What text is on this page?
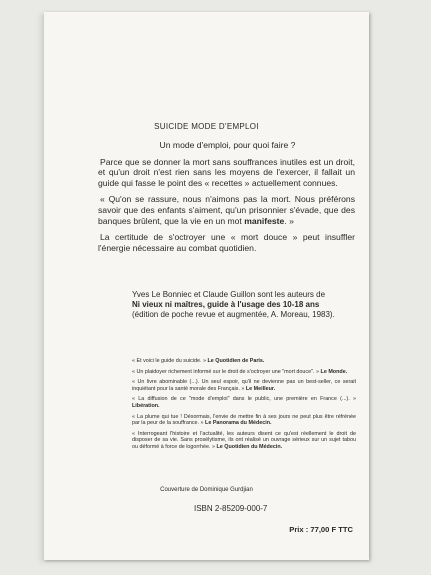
SUICIDE MODE D'EMPLOI

Un mode d'emploi, pour quoi faire ?

Parce que se donner la mort sans souffrances inutiles est un droit, et qu'un droit n'est rien sans les moyens de l'exercer, il fallait un guide qui fasse le point des « recettes » actuellement connues.

« Qu'on se rassure, nous n'aimons pas la mort. Nous préférons savoir que des enfants s'aiment, qu'un prisonnier s'évade, que des banques brûlent, que la vie en un mot manifeste. »

La certitude de s'octroyer une « mort douce » peut insuffler l'énergie nécessaire au combat quotidien.

Yves Le Bonniec et Claude Guillon sont les auteurs de
Ni vieux ni maîtres, guide à l'usage des 10-18 ans
(édition de poche revue et augmentée, A. Moreau, 1983).

« Et voici le guide du suicide. » Le Quotidien de Paris.

« Un plaidoyer richement informé sur le droit de s'octroyer une "mort douce". » Le Monde.

« Un livre abominable (...). Un seul espoir, qu'il ne devienne pas un best-seller, ce serait inquiétant pour la santé morale des Français. » Le Meilleur.

« La diffusion de ce "mode d'emploi" dans le public, une première en France (...). » Libération.

« La plume qui tue ! Désormais, l'envie de mettre fin à ses jours ne peut plus être réfrénée par la peur de la souffrance. » Le Panorama du Médecin.

« Interrogeant l'histoire et l'actualité, les auteurs disent ce qu'est réellement le droit de disposer de sa vie. Sans prosélytisme, ils ont réalisé un ouvrage sérieux sur un sujet tabou ou déformé à force de logorrhée. » Le Quotidien du Médecin.

Couverture de Dominique Gurdjian
ISBN 2-85209-000-7
Prix : 77,00 F TTC
